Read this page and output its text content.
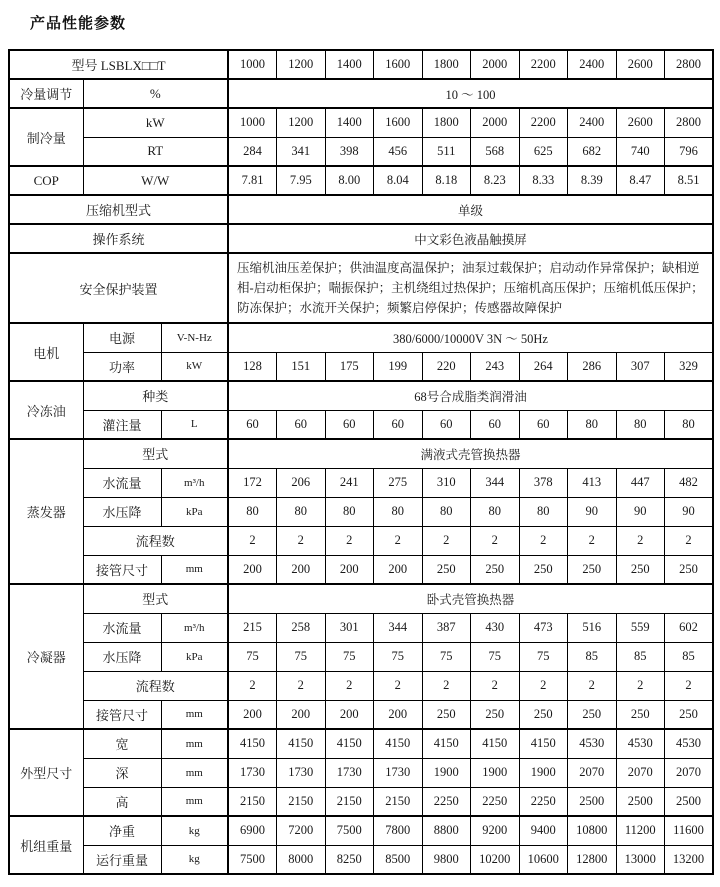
产品性能参数
型号 LSBLX□□T			1000	1200	1400	1600	1800	2000	2200	2400	2600	2800
冷量调节	%		10 ～ 100									
制冷量	kW		1000	1200	1400	1600	1800	2000	2200	2400	2600	2800
	RT		284	341	398	456	511	568	625	682	740	796
COP	W/W		7.81	7.95	8.00	8.04	8.18	8.23	8.33	8.39	8.47	8.51
压缩机型式			单级									
操作系统			中文彩色液晶触摸屏									
安全保护装置			压缩机油压差保护；供油温度高温保护；油泵过载保护；启动动作异常保护；缺相逆相-启动柜保护；喘振保护；主机绕组过热保护；压缩机高压保护；压缩机低压保护；防冻保护；水流开关保护；频繁启停保护；传感器故障保护									
电机	电源	V-N-Hz	380/6000/10000V 3N ～ 50Hz									
	功率	kW	128	151	175	199	220	243	264	286	307	329
冷冻油	种类		68号合成脂类润滑油									
	灌注量	L	60	60	60	60	60	60	60	80	80	80
蒸发器	型式		满液式壳管换热器									
	水流量	m³/h	172	206	241	275	310	344	378	413	447	482
	水压降	kPa	80	80	80	80	80	80	80	90	90	90
	流程数		2	2	2	2	2	2	2	2	2	2
	接管尺寸	mm	200	200	200	200	250	250	250	250	250	250
冷凝器	型式		卧式壳管换热器									
	水流量	m³/h	215	258	301	344	387	430	473	516	559	602
	水压降	kPa	75	75	75	75	75	75	75	85	85	85
	流程数		2	2	2	2	2	2	2	2	2	2
	接管尺寸	mm	200	200	200	200	250	250	250	250	250	250
外型尺寸	宽	mm	4150	4150	4150	4150	4150	4150	4150	4530	4530	4530
	深	mm	1730	1730	1730	1730	1900	1900	1900	2070	2070	2070
	高	mm	2150	2150	2150	2150	2250	2250	2250	2500	2500	2500
机组重量	净重	kg	6900	7200	7500	7800	8800	9200	9400	10800	11200	11600
	运行重量	kg	7500	8000	8250	8500	9800	10200	10600	12800	13000	13200
